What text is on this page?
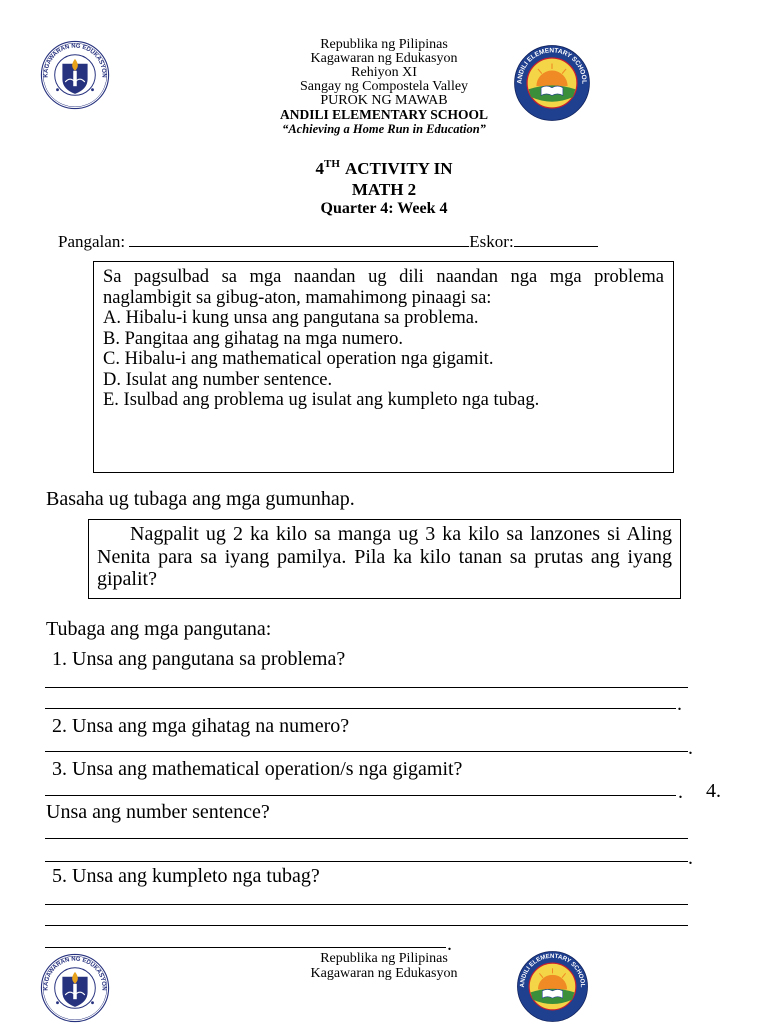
Republika ng Pilipinas
Kagawaran ng Edukasyon
Rehiyon XI
Sangay ng Compostela Valley
PUROK NG MAWAB
ANDILI ELEMENTARY SCHOOL
“Achieving a Home Run in Education”
4TH ACTIVITY IN
MATH 2
Quarter 4: Week 4
Pangalan:	Eskor:

Sa pagsulbad sa mga naandan ug dili naandan nga mga problema naglambigit sa gibug-aton, mamahimong pinaagi sa:

A. Hibalu-i kung unsa ang pangutana sa problema.
B. Pangitaa ang gihatag na mga numero.
C. Hibalu-i ang mathematical operation nga gigamit.
D. Isulat ang number sentence.
E. Isulbad ang problema ug isulat ang kumpleto nga tubag.
Basaha ug tubaga ang mga gumunhap.

Nagpalit ug 2 ka kilo sa manga ug 3 ka kilo sa lanzones si Aling Nenita para sa iyang pamilya. Pila ka kilo tanan sa prutas ang iyang gipalit?

Tubaga ang mga pangutana:
1. Unsa ang pangutana sa problema?
.
2. Unsa ang mga gihatag na numero?
.
3. Unsa ang mathematical operation/s nga gigamit?
. 4.
Unsa ang number sentence?
.
5. Unsa ang kumpleto nga tubag?
.
Republika ng Pilipinas
Kagawaran ng Edukasyon
